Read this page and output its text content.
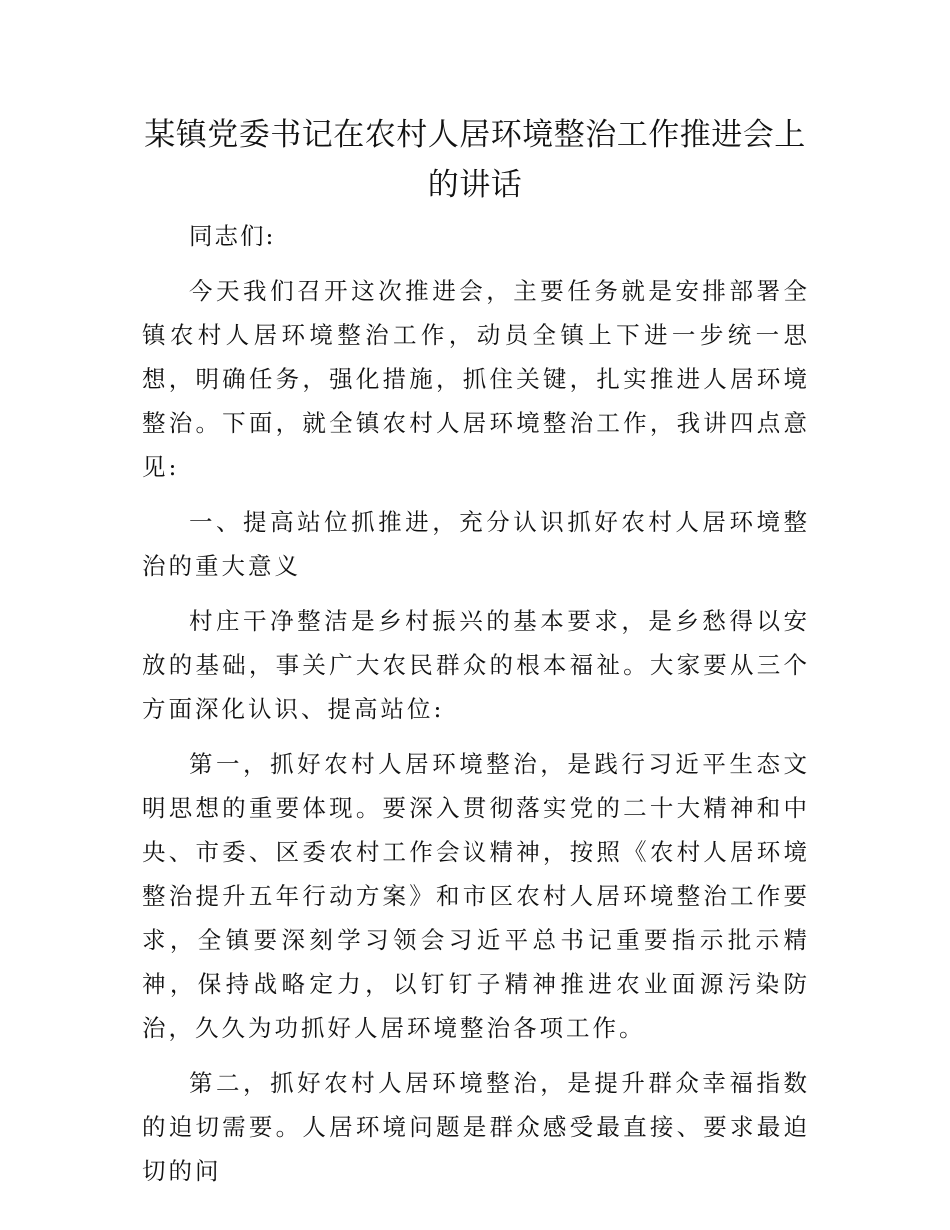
某镇党委书记在农村人居环境整治工作推进会上的讲话

同志们:

今天我们召开这次推进会，主要任务就是安排部署全镇农村人居环境整治工作，动员全镇上下进一步统一思想，明确任务，强化措施，抓住关键，扎实推进人居环境整治。下面，就全镇农村人居环境整治工作，我讲四点意见:

一、提高站位抓推进，充分认识抓好农村人居环境整治的重大意义

村庄干净整洁是乡村振兴的基本要求，是乡愁得以安放的基础，事关广大农民群众的根本福祉。大家要从三个方面深化认识、提高站位:

第一，抓好农村人居环境整治，是践行习近平生态文明思想的重要体现。要深入贯彻落实党的二十大精神和中央、市委、区委农村工作会议精神，按照《农村人居环境整治提升五年行动方案》和市区农村人居环境整治工作要求，全镇要深刻学习领会习近平总书记重要指示批示精神，保持战略定力，以钉钉子精神推进农业面源污染防治，久久为功抓好人居环境整治各项工作。

第二，抓好农村人居环境整治，是提升群众幸福指数的迫切需要。人居环境问题是群众感受最直接、要求最迫切的问
